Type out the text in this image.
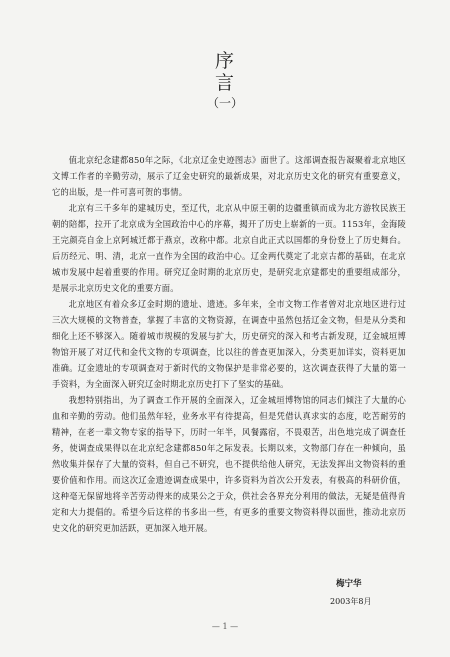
序
言
（一）

值北京纪念建都850年之际，《北京辽金史迹图志》面世了。这部调查报告凝聚着北京地区文博工作者的辛勤劳动，展示了辽金史研究的最新成果，对北京历史文化的研究有重要意义，它的出版，是一件可喜可贺的事情。

北京有三千多年的建城历史，至辽代，北京从中原王朝的边疆重镇而成为北方游牧民族王朝的陪都，拉开了北京成为全国政治中心的序幕，揭开了历史上崭新的一页。1153年，金海陵王完颜亮自金上京阿城迁都于燕京，改称中都。北京自此正式以国都的身份登上了历史舞台。后历经元、明、清，北京一直作为全国的政治中心。辽金两代奠定了北京古都的基础，在北京城市发展中起着重要的作用。研究辽金时期的北京历史，是研究北京建都史的重要组成部分，是展示北京历史文化的重要方面。

北京地区有着众多辽金时期的遗址、遗迹。多年来，全市文物工作者曾对北京地区进行过三次大规模的文物普查，掌握了丰富的文物资源，在调查中虽然包括辽金文物，但是从分类和细化上还不够深入。随着城市规模的发展与扩大，历史研究的深入和考古新发现，辽金城垣博物馆开展了对辽代和金代文物的专项调查，比以往的普查更加深入，分类更加详实，资料更加准确。辽金遗址的专项调查对于新时代的文物保护是非常必要的，这次调查获得了大量的第一手资料，为全面深入研究辽金时期北京历史打下了坚实的基础。

我想特别指出，为了调查工作开展的全面深入，辽金城垣博物馆的同志们倾注了大量的心血和辛勤的劳动。他们虽然年轻，业务水平有待提高，但是凭借认真求实的态度，吃苦耐劳的精神，在老一辈文物专家的指导下，历时一年半，风餐露宿，不畏艰苦，出色地完成了调查任务，使调查成果得以在北京纪念建都850年之际发表。长期以来，文物部门存在一种倾向，虽然收集并保存了大量的资料，但自己不研究，也不提供给他人研究，无法发挥出文物资料的重要价值和作用。而这次辽金遗迹调查成果中，许多资料为首次公开发表，有极高的科研价值，这种毫无保留地将辛苦劳动得来的成果公之于众，供社会各界充分利用的做法，无疑是值得肯定和大力提倡的。希望今后这样的书多出一些，有更多的重要文物资料得以面世，推动北京历史文化的研究更加活跃，更加深入地开展。

梅宁华
2003年8月
— 1 —
